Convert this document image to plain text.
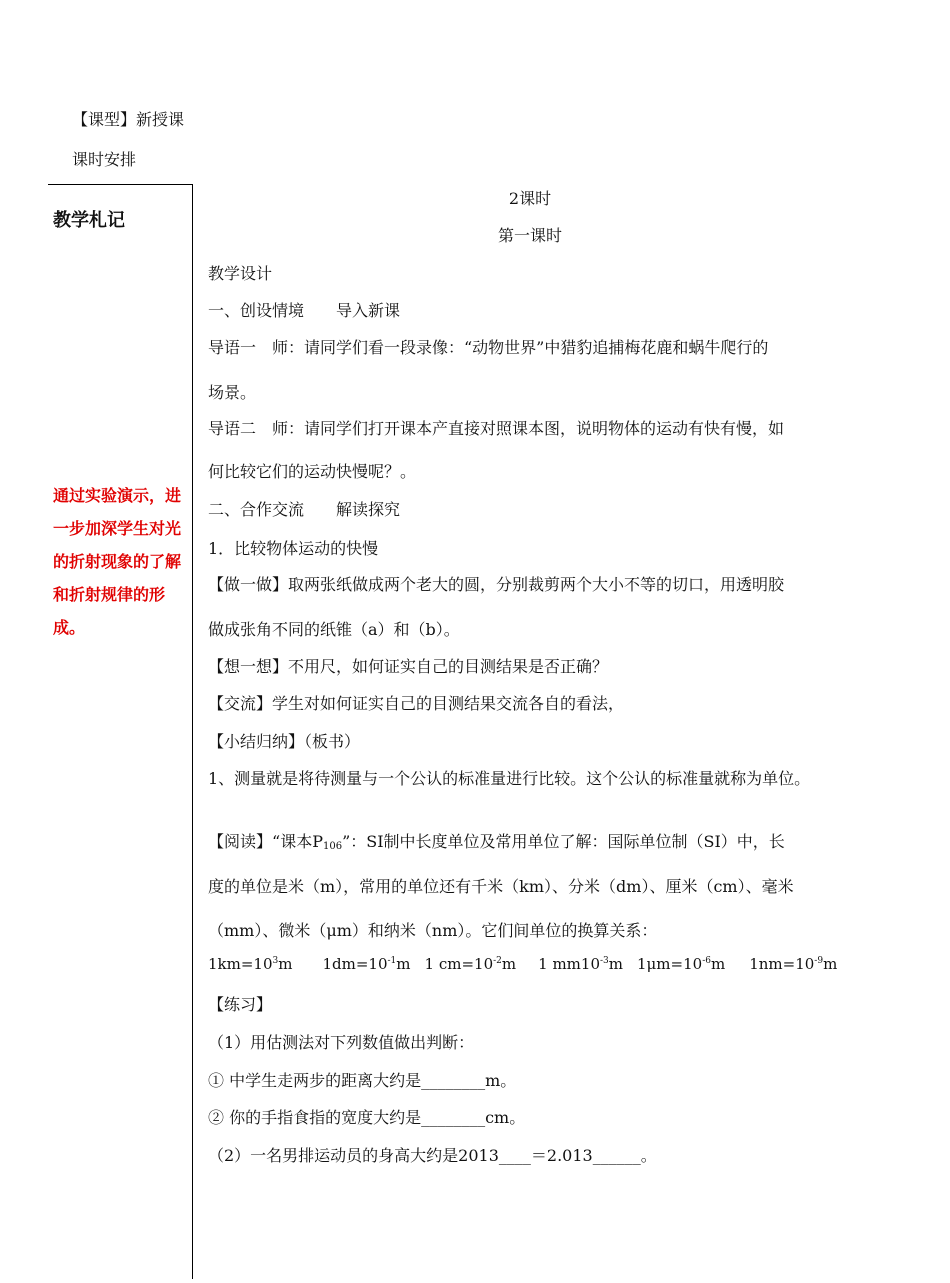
【课型】新授课
课时安排
教学札记
通过实验演示，进一步加深学生对光的折射现象的了解和折射规律的形成。
2课时
第一课时
教学设计
一、创设情境　　导入新课
导语一　师：请同学们看一段录像：“动物世界”中猎豹追捕梅花鹿和蜗牛爬行的
场景。
导语二　师：请同学们打开课本产直接对照课本图，说明物体的运动有快有慢，如
何比较它们的运动快慢呢？。
二、合作交流　　解读探究
1．比较物体运动的快慢
【做一做】取两张纸做成两个老大的圆，分别裁剪两个大小不等的切口，用透明胶
做成张角不同的纸锥（a）和（b）。
【想一想】不用尺，如何证实自己的目测结果是否正确？
【交流】学生对如何证实自己的目测结果交流各自的看法，
【小结归纳】（板书）
1、测量就是将待测量与一个公认的标准量进行比较。这个公认的标准量就称为单位。
【阅读】“课本$P_{106}$”：SI制中长度单位及常用单位了解：国际单位制（SI）中，长
度的单位是米（m），常用的单位还有千米（km）、分米（dm）、厘米（cm）、毫米
（mm）、微米（μm）和纳米（nm）。它们间单位的换算关系：
$1km=10^3m$ $1dm=10^{-1}m$ 1 $cm=10^{-2}m$ 1 $mm10^{-3}m$ $1\mu m=10^{-6}m$ $1nm=10^{-9}m$
【练习】
（1）用估测法对下列数值做出判断：
① 中学生走两步的距离大约是________m。
② 你的手指食指的宽度大约是________cm。
（2）一名男排运动员的身高大约是2013____＝2.013______。
